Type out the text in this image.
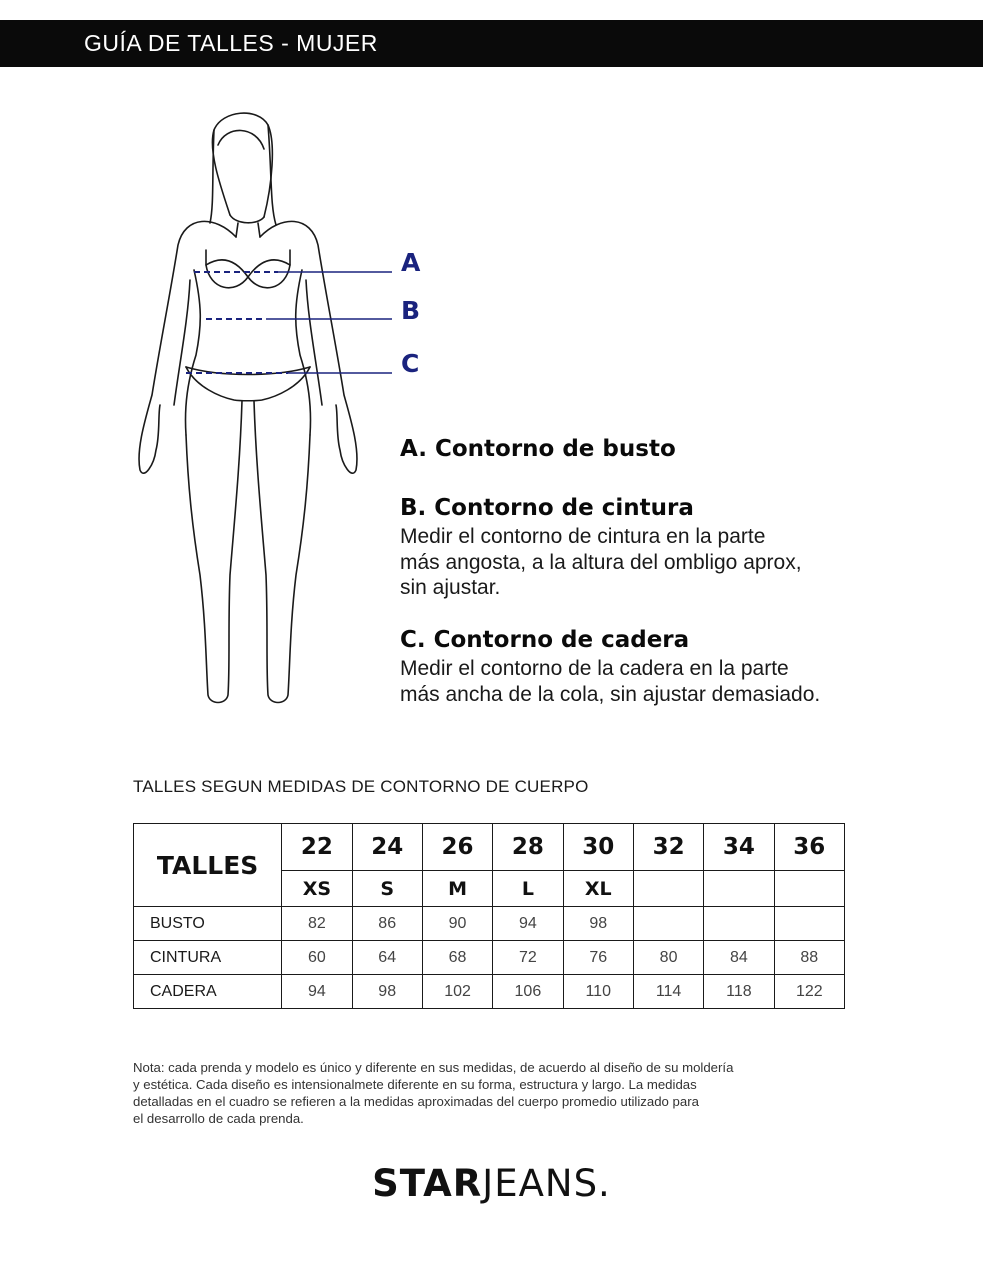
GUÍA DE TALLES - MUJER
A
B
C
A. Contorno de busto
B. Contorno de cintura
Medir el contorno de cintura en la parte
más angosta, a la altura del ombligo aprox,
sin ajustar.
C. Contorno de cadera
Medir el contorno de la cadera en la parte
más ancha de la cola, sin ajustar demasiado.
TALLES SEGUN MEDIDAS DE CONTORNO DE CUERPO
TALLES	22	24	26	28	30	32	34	36
	XS	S	M	L	XL			
BUSTO	82	86	90	94	98			
CINTURA	60	64	68	72	76	80	84	88
CADERA	94	98	102	106	110	114	118	122
Nota: cada prenda y modelo es único y diferente en sus medidas, de acuerdo al diseño de su moldería
y estética. Cada diseño es intensionalmete diferente en su forma, estructura y largo. La medidas
detalladas en el cuadro se refieren a la medidas aproximadas del cuerpo promedio utilizado para
el desarrollo de cada prenda.
STARJEANS.
